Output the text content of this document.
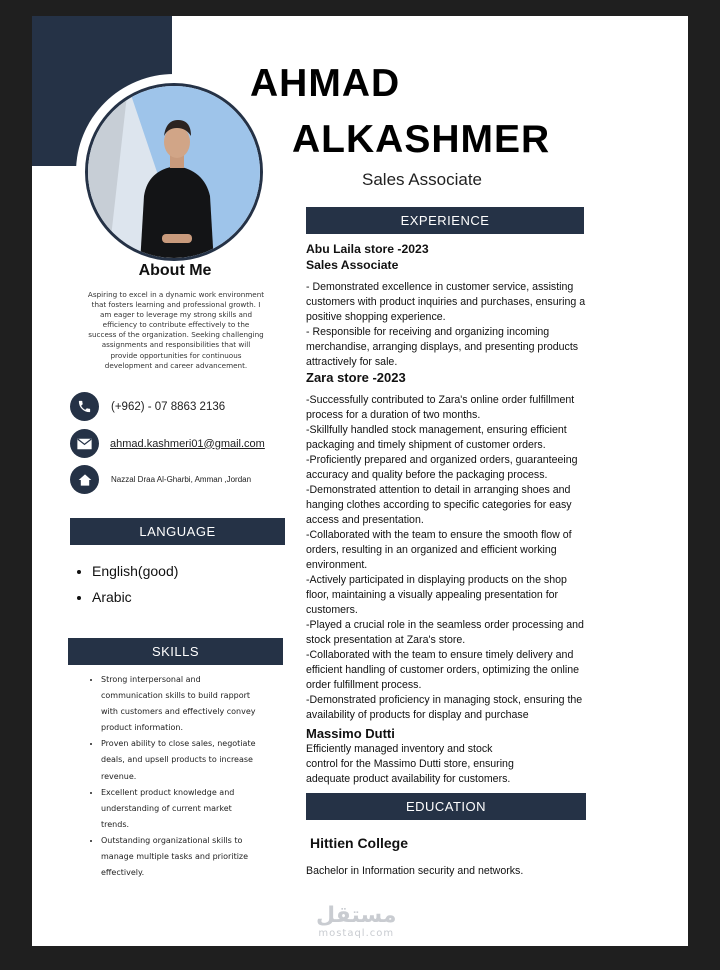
AHMAD
ALKASHMER
Sales Associate
About Me
Aspiring to excel in a dynamic work environment
that fosters learning and professional growth. I
am eager to leverage my strong skills and
efficiency to contribute effectively to the
success of the organization. Seeking challenging
assignments and responsibilities that will
provide opportunities for continuous
development and career advancement.
(+962) - 07 8863 2136
ahmad.kashmeri01@gmail.com
Nazzal Draa Al-Gharbi, Amman ,Jordan
LANGUAGE
• English(good)
• Arabic
SKILLS
• Strong interpersonal and
communication skills to build rapport
with customers and effectively convey
product information.
• Proven ability to close sales, negotiate
deals, and upsell products to increase
revenue.
• Excellent product knowledge and
understanding of current market
trends.
• Outstanding organizational skills to
manage multiple tasks and prioritize
effectively.
EXPERIENCE
Abu Laila store -2023
Sales Associate
- Demonstrated excellence in customer service, assisting
customers with product inquiries and purchases, ensuring a
positive shopping experience.
- Responsible for receiving and organizing incoming
merchandise, arranging displays, and presenting products
attractively for sale.
Zara store -2023
-Successfully contributed to Zara's online order fulfillment
process for a duration of two months.
-Skillfully handled stock management, ensuring efficient
packaging and timely shipment of customer orders.
-Proficiently prepared and organized orders, guaranteeing
accuracy and quality before the packaging process.
-Demonstrated attention to detail in arranging shoes and
hanging clothes according to specific categories for easy
access and presentation.
-Collaborated with the team to ensure the smooth flow of
orders, resulting in an organized and efficient working
environment.
-Actively participated in displaying products on the shop
floor, maintaining a visually appealing presentation for
customers.
-Played a crucial role in the seamless order processing and
stock presentation at Zara's store.
-Collaborated with the team to ensure timely delivery and
efficient handling of customer orders, optimizing the online
order fulfillment process.
-Demonstrated proficiency in managing stock, ensuring the
availability of products for display and purchase
Massimo Dutti
Efficiently managed inventory and stock
control for the Massimo Dutti store, ensuring
adequate product availability for customers.
EDUCATION
Hittien College
Bachelor in Information security and networks.
مستقل
mostaql.com
